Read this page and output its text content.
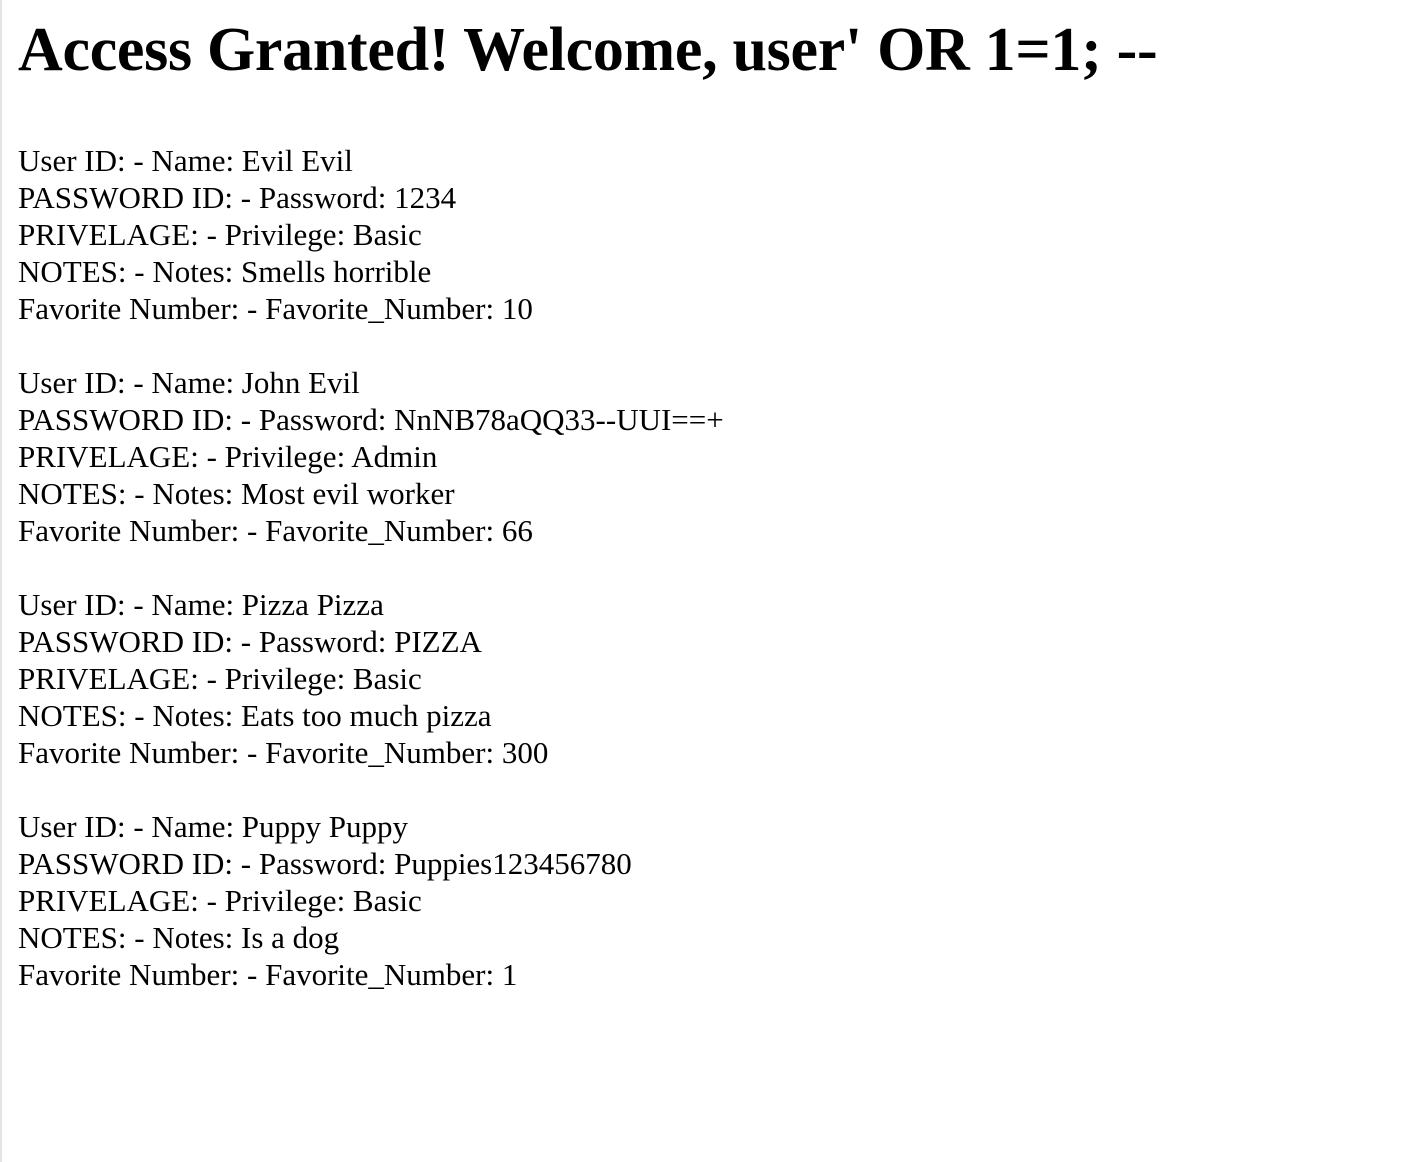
Access Granted! Welcome, user' OR 1=1; --
User ID: - Name: Evil Evil
PASSWORD ID: - Password: 1234
PRIVELAGE: - Privilege: Basic
NOTES: - Notes: Smells horrible
Favorite Number: - Favorite_Number: 10
User ID: - Name: John Evil
PASSWORD ID: - Password: NnNB78aQQ33--UUI==+
PRIVELAGE: - Privilege: Admin
NOTES: - Notes: Most evil worker
Favorite Number: - Favorite_Number: 66
User ID: - Name: Pizza Pizza
PASSWORD ID: - Password: PIZZA
PRIVELAGE: - Privilege: Basic
NOTES: - Notes: Eats too much pizza
Favorite Number: - Favorite_Number: 300
User ID: - Name: Puppy Puppy
PASSWORD ID: - Password: Puppies123456780
PRIVELAGE: - Privilege: Basic
NOTES: - Notes: Is a dog
Favorite Number: - Favorite_Number: 1
